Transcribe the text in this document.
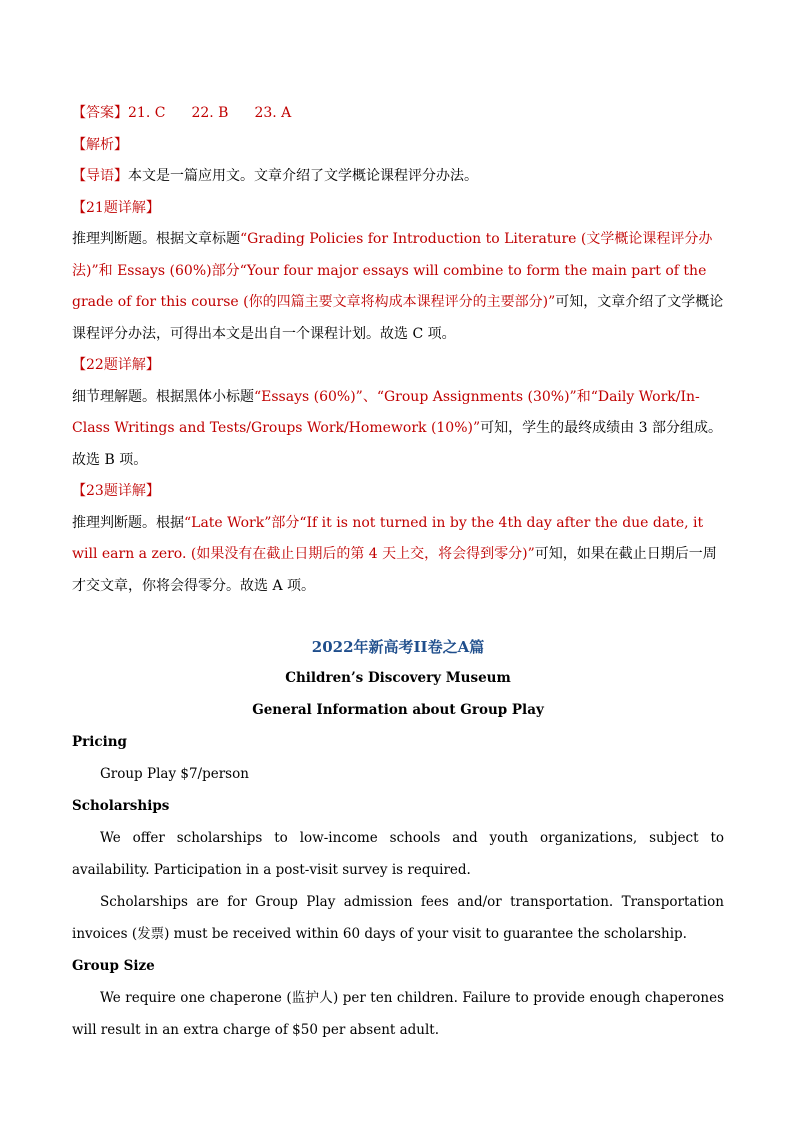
【答案】21. C 22. B 23. A

【解析】

【导语】本文是一篇应用文。文章介绍了文学概论课程评分办法。

【21题详解】

推理判断题。根据文章标题“Grading Policies for Introduction to Literature (文学概论课程评分办法)”和 Essays (60%)部分“Your four major essays will combine to form the main part of the grade of for this course (你的四篇主要文章将构成本课程评分的主要部分)”可知，文章介绍了文学概论课程评分办法，可得出本文是出自一个课程计划。故选 C 项。

【22题详解】

细节理解题。根据黑体小标题“Essays (60%)”、“Group Assignments (30%)”和“Daily Work/In-Class Writings and Tests/Groups Work/Homework (10%)”可知，学生的最终成绩由 3 部分组成。故选 B 项。

【23题详解】

推理判断题。根据“Late Work”部分“If it is not turned in by the 4th day after the due date, it will earn a zero. (如果没有在截止日期后的第 4 天上交，将会得到零分)”可知，如果在截止日期后一周才交文章，你将会得零分。故选 A 项。

2022年新高考II卷之A篇

Children’s Discovery Museum

General Information about Group Play

Pricing

Group Play $7/person

Scholarships

We offer scholarships to low-income schools and youth organizations, subject to availability. Participation in a post-visit survey is required.

Scholarships are for Group Play admission fees and/or transportation. Transportation invoices (发票) must be received within 60 days of your visit to guarantee the scholarship.

Group Size

We require one chaperone (监护人) per ten children. Failure to provide enough chaperones will result in an extra charge of $50 per absent adult.
